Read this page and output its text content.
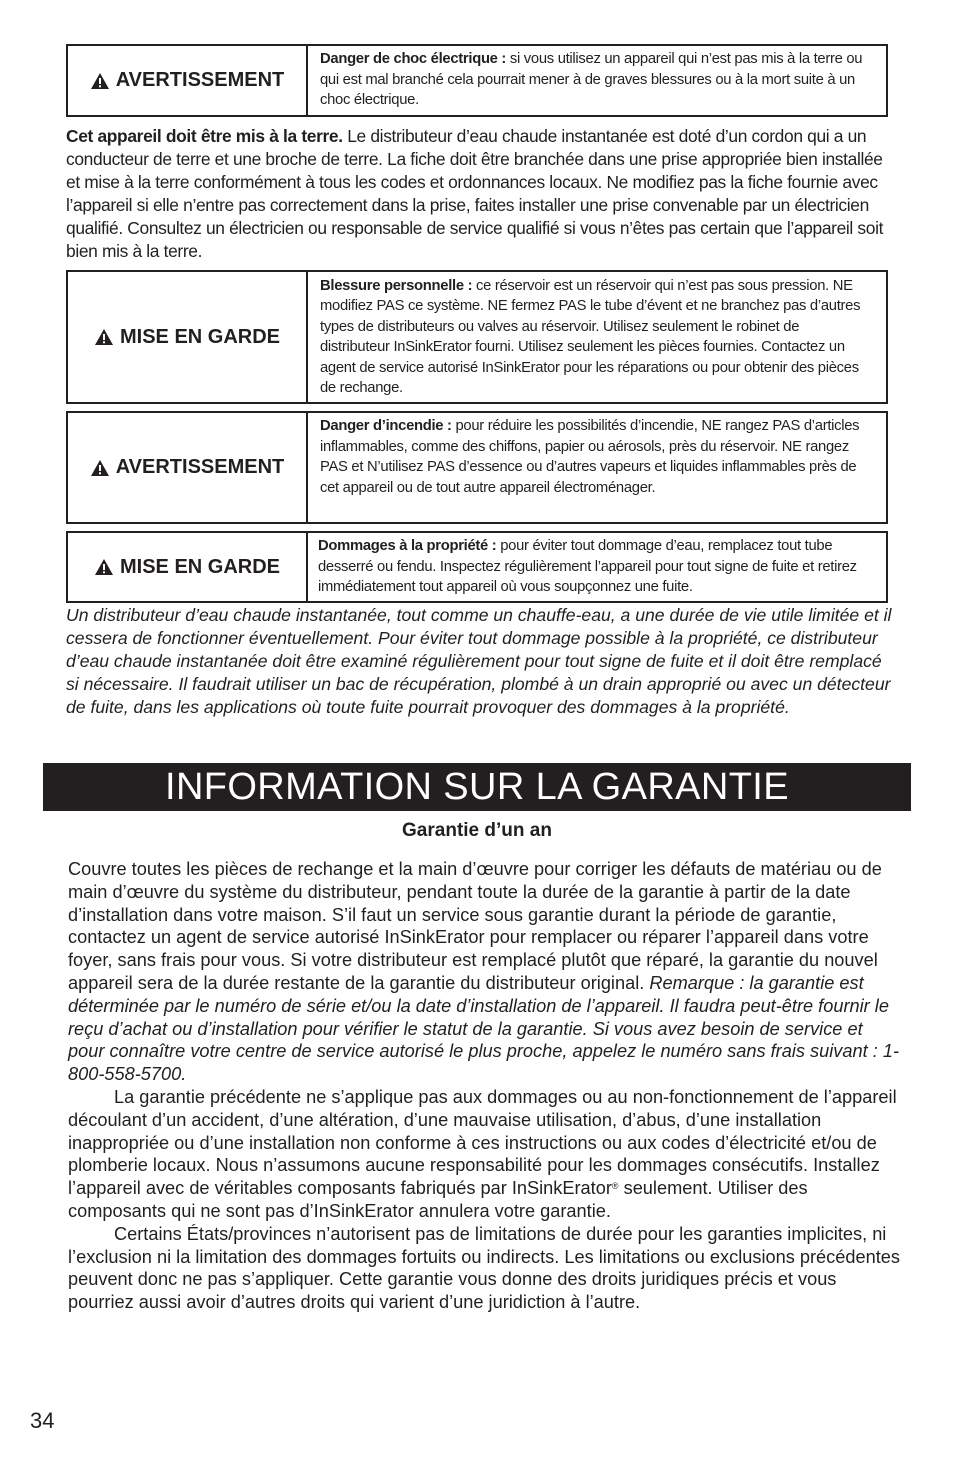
AVERTISSEMENT
Danger de choc électrique : si vous utilisez un appareil qui n’est pas mis à la terre ou qui est mal branché cela pourrait mener à de graves blessures ou à la mort suite à un choc électrique.
Cet appareil doit être mis à la terre. Le distributeur d’eau chaude instantanée est doté d’un cordon qui a un conducteur de terre et une broche de terre. La fiche doit être branchée dans une prise appropriée bien installée et mise à la terre conformément à tous les codes et ordonnances locaux. Ne modifiez pas la fiche fournie avec l’appareil si elle n’entre pas correctement dans la prise, faites installer une prise convenable par un électricien qualifié. Consultez un électricien ou responsable de service qualifié si vous n’êtes pas certain que l’appareil soit bien mis à la terre.
MISE EN GARDE
Blessure personnelle : ce réservoir est un réservoir qui n’est pas sous pression. NE modifiez PAS ce système. NE fermez PAS le tube d’évent et ne branchez pas d’autres types de distributeurs ou valves au réservoir. Utilisez seulement le robinet de distributeur InSinkErator fourni. Utilisez seulement les pièces fournies. Contactez un agent de service autorisé InSinkErator pour les réparations ou pour obtenir des pièces de rechange.
AVERTISSEMENT
Danger d’incendie : pour réduire les possibilités d’incendie, NE rangez PAS d’articles inflammables, comme des chiffons, papier ou aérosols, près du réservoir. NE rangez PAS et N’utilisez PAS d’essence ou d’autres vapeurs et liquides inflammables près de cet appareil ou de tout autre appareil électroménager.
MISE EN GARDE
Dommages à la propriété : pour éviter tout dommage d’eau, remplacez tout tube desserré ou fendu. Inspectez régulièrement l’appareil pour tout signe de fuite et retirez immédiatement tout appareil où vous soupçonnez une fuite.
Un distributeur d’eau chaude instantanée, tout comme un chauffe-eau, a une durée de vie utile limitée et il cessera de fonctionner éventuellement. Pour éviter tout dommage possible à la propriété, ce distributeur d’eau chaude instantanée doit être examiné régulièrement pour tout signe de fuite et il doit être remplacé si nécessaire. Il faudrait utiliser un bac de récupération, plombé à un drain approprié ou avec un détecteur de fuite, dans les applications où toute fuite pourrait provoquer des dommages à la propriété.
INFORMATION SUR LA GARANTIE
Garantie d’un an

Couvre toutes les pièces de rechange et la main d’œuvre pour corriger les défauts de matériau ou de main d’œuvre du système du distributeur, pendant toute la durée de la garantie à partir de la date d’installation dans votre maison. S’il faut un service sous garantie durant la période de garantie, contactez un agent de service autorisé InSinkErator pour remplacer ou réparer l’appareil dans votre foyer, sans frais pour vous. Si votre distributeur est remplacé plutôt que réparé, la garantie du nouvel appareil sera de la durée restante de la garantie du distributeur original. Remarque : la garantie est déterminée par le numéro de série et/ou la date d’installation de l’appareil. Il faudra peut-être fournir le reçu d’achat ou d’installation pour vérifier le statut de la garantie. Si vous avez besoin de service et pour connaître votre centre de service autorisé le plus proche, appelez le numéro sans frais suivant : 1-800-558-5700.

La garantie précédente ne s’applique pas aux dommages ou au non-fonctionnement de l’appareil découlant d’un accident, d’une altération, d’une mauvaise utilisation, d’abus, d’une installation inappropriée ou d’une installation non conforme à ces instructions ou aux codes d’électricité et/ou de plomberie locaux. Nous n’assumons aucune responsabilité pour les dommages consécutifs. Installez l’appareil avec de véritables composants fabriqués par InSinkErator® seulement. Utiliser des composants qui ne sont pas d’InSinkErator annulera votre garantie.

Certains États/provinces n’autorisent pas de limitations de durée pour les garanties implicites, ni l’exclusion ni la limitation des dommages fortuits ou indirects. Les limitations ou exclusions précédentes peuvent donc ne pas s’appliquer. Cette garantie vous donne des droits juridiques précis et vous pourriez aussi avoir d’autres droits qui varient d’une juridiction à l’autre.

34
